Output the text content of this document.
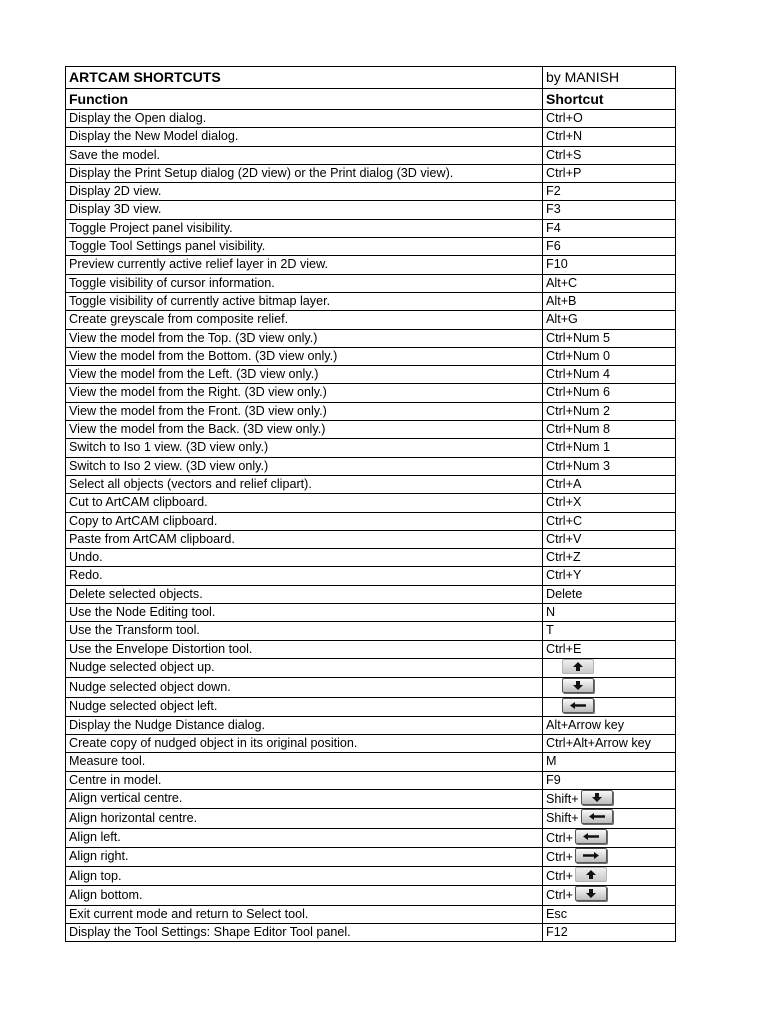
ARTCAM SHORTCUTS	by MANISH
Function	Shortcut
Display the Open dialog.	Ctrl+O
Display the New Model dialog.	Ctrl+N
Save the model.	Ctrl+S
Display the Print Setup dialog (2D view) or the Print dialog (3D view).	Ctrl+P
Display 2D view.	F2
Display 3D view.	F3
Toggle Project panel visibility.	F4
Toggle Tool Settings panel visibility.	F6
Preview currently active relief layer in 2D view.	F10
Toggle visibility of cursor information.	Alt+C
Toggle visibility of currently active bitmap layer.	Alt+B
Create greyscale from composite relief.	Alt+G
View the model from the Top. (3D view only.)	Ctrl+Num 5
View the model from the Bottom. (3D view only.)	Ctrl+Num 0
View the model from the Left. (3D view only.)	Ctrl+Num 4
View the model from the Right. (3D view only.)	Ctrl+Num 6
View the model from the Front. (3D view only.)	Ctrl+Num 2
View the model from the Back. (3D view only.)	Ctrl+Num 8
Switch to Iso 1 view. (3D view only.)	Ctrl+Num 1
Switch to Iso 2 view. (3D view only.)	Ctrl+Num 3
Select all objects (vectors and relief clipart).	Ctrl+A
Cut to ArtCAM clipboard.	Ctrl+X
Copy to ArtCAM clipboard.	Ctrl+C
Paste from ArtCAM clipboard.	Ctrl+V
Undo.	Ctrl+Z
Redo.	Ctrl+Y
Delete selected objects.	Delete
Use the Node Editing tool.	N
Use the Transform tool.	T
Use the Envelope Distortion tool.	Ctrl+E
Nudge selected object up.	

Nudge selected object down.	

Nudge selected object left.	

Display the Nudge Distance dialog.	Alt+Arrow key
Create copy of nudged object in its original position.	Ctrl+Alt+Arrow key
Measure tool.	M
Centre in model.	F9
Align vertical centre.	Shift+

Align horizontal centre.	Shift+

Align left.	Ctrl+

Align right.	Ctrl+

Align top.	Ctrl+

Align bottom.	Ctrl+

Exit current mode and return to Select tool.	Esc
Display the Tool Settings: Shape Editor Tool panel.	F12
